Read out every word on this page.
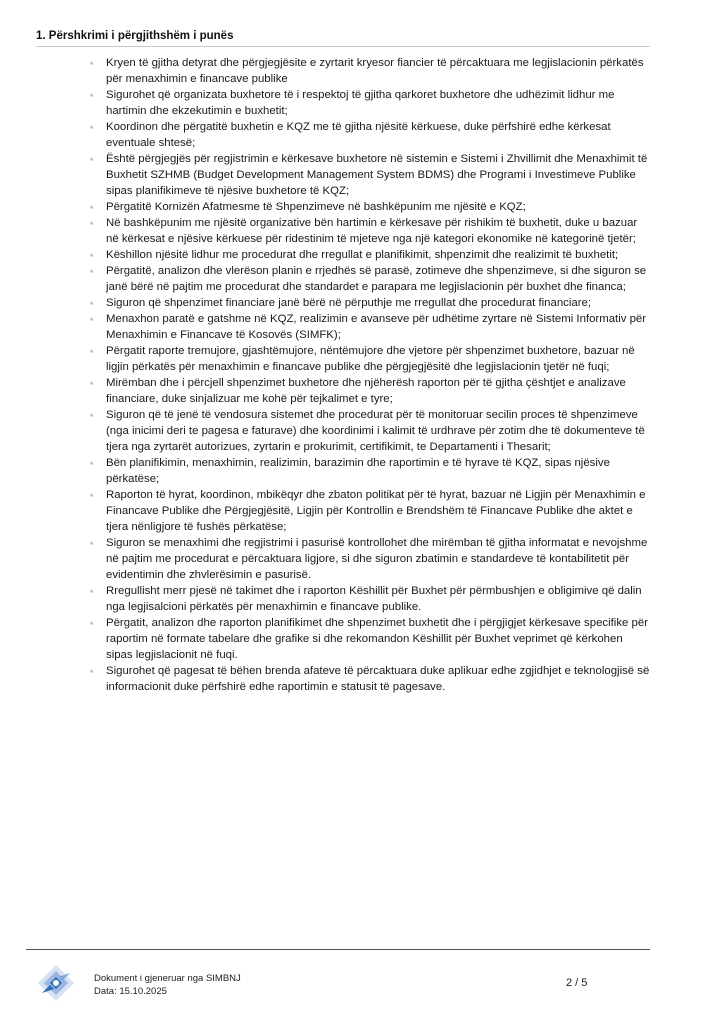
1. Përshkrimi i përgjithshëm i punës
◦ Kryen të gjitha detyrat dhe përgjegjësite e zyrtarit kryesor fiancier të përcaktuara me legjislacionin përkatës për menaxhimin e financave publike
◦ Sigurohet që organizata buxhetore të i respektoj të gjitha qarkoret buxhetore dhe udhëzimit lidhur me hartimin dhe ekzekutimin e buxhetit;
◦ Koordinon dhe përgatitë buxhetin e KQZ me të gjitha njësitë kërkuese, duke përfshirë edhe kërkesat eventuale shtesë;
◦ Është përgjegjës për regjistrimin e kërkesave buxhetore në sistemin e Sistemi i Zhvillimit dhe Menaxhimit të Buxhetit SZHMB (Budget Development Management System BDMS) dhe Programi i Investimeve Publike sipas planifikimeve të njësive buxhetore të KQZ;
◦ Përgatitë Kornizën Afatmesme të Shpenzimeve në bashkëpunim me njësitë e KQZ;
◦ Në bashkëpunim me njësitë organizative bën hartimin e kërkesave për rishikim të buxhetit, duke u bazuar në kërkesat e njësive kërkuese për ridestinim të mjeteve nga një kategori ekonomike në kategorinë tjetër;
◦ Këshillon njësitë lidhur me procedurat dhe rregullat e planifikimit, shpenzimit dhe realizimit të buxhetit;
◦ Përgatitë, analizon dhe vlerëson planin e rrjedhës së parasë, zotimeve dhe shpenzimeve, si dhe siguron se janë bërë në pajtim me procedurat dhe standardet e parapara me legjislacionin për buxhet dhe financa;
◦ Siguron që shpenzimet financiare janë bërë në përputhje me rregullat dhe procedurat financiare;
◦ Menaxhon paratë e gatshme në KQZ, realizimin e avanseve për udhëtime zyrtare në Sistemi Informativ për Menaxhimin e Financave të Kosovës (SIMFK);
◦ Përgatit raporte tremujore, gjashtëmujore, nëntëmujore dhe vjetore për shpenzimet buxhetore, bazuar në ligjin përkatës për menaxhimin e financave publike dhe përgjegjësitë dhe legjislacionin tjetër në fuqi;
◦ Mirëmban dhe i përcjell shpenzimet buxhetore dhe njëherësh raporton për të gjitha çështjet e analizave financiare, duke sinjalizuar me kohë për tejkalimet e tyre;
◦ Siguron që të jenë të vendosura sistemet dhe procedurat për të monitoruar secilin proces të shpenzimeve (nga inicimi deri te pagesa e faturave) dhe koordinimi i kalimit të urdhrave për zotim dhe të dokumenteve të tjera nga zyrtarët autorizues, zyrtarin e prokurimit, certifikimit, te Departamenti i Thesarit;
◦ Bën planifikimin, menaxhimin, realizimin, barazimin dhe raportimin e të hyrave të KQZ, sipas njësive përkatëse;
◦ Raporton të hyrat, koordinon, mbikëqyr dhe zbaton politikat për të hyrat, bazuar në Ligjin për Menaxhimin e Financave Publike dhe Përgjegjësitë, Ligjin për Kontrollin e Brendshëm të Financave Publike dhe aktet e tjera nënligjore të fushës përkatëse;
◦ Siguron se menaxhimi dhe regjistrimi i pasurisë kontrollohet dhe mirëmban të gjitha informatat e nevojshme në pajtim me procedurat e përcaktuara ligjore, si dhe siguron zbatimin e standardeve të kontabilitetit për evidentimin dhe zhvlerësimin e pasurisë.
◦ Rregullisht merr pjesë në takimet dhe i raporton Këshillit për Buxhet për përmbushjen e obligimive që dalin nga legjisalcioni përkatës për menaxhimin e financave publike.
◦ Përgatit, analizon dhe raporton planifikimet dhe shpenzimet buxhetit dhe i përgjigjet kërkesave specifike për raportim në formate tabelare dhe grafike si dhe rekomandon Këshillit për Buxhet veprimet që kërkohen sipas legjislacionit në fuqi.
◦ Sigurohet që pagesat të bëhen brenda afateve të përcaktuara duke aplikuar edhe zgjidhjet e teknologjisë së informacionit duke përfshirë edhe raportimin e statusit të pagesave.
Dokument i gjeneruar nga SIMBNJ
Data: 15.10.2025
2 / 5
